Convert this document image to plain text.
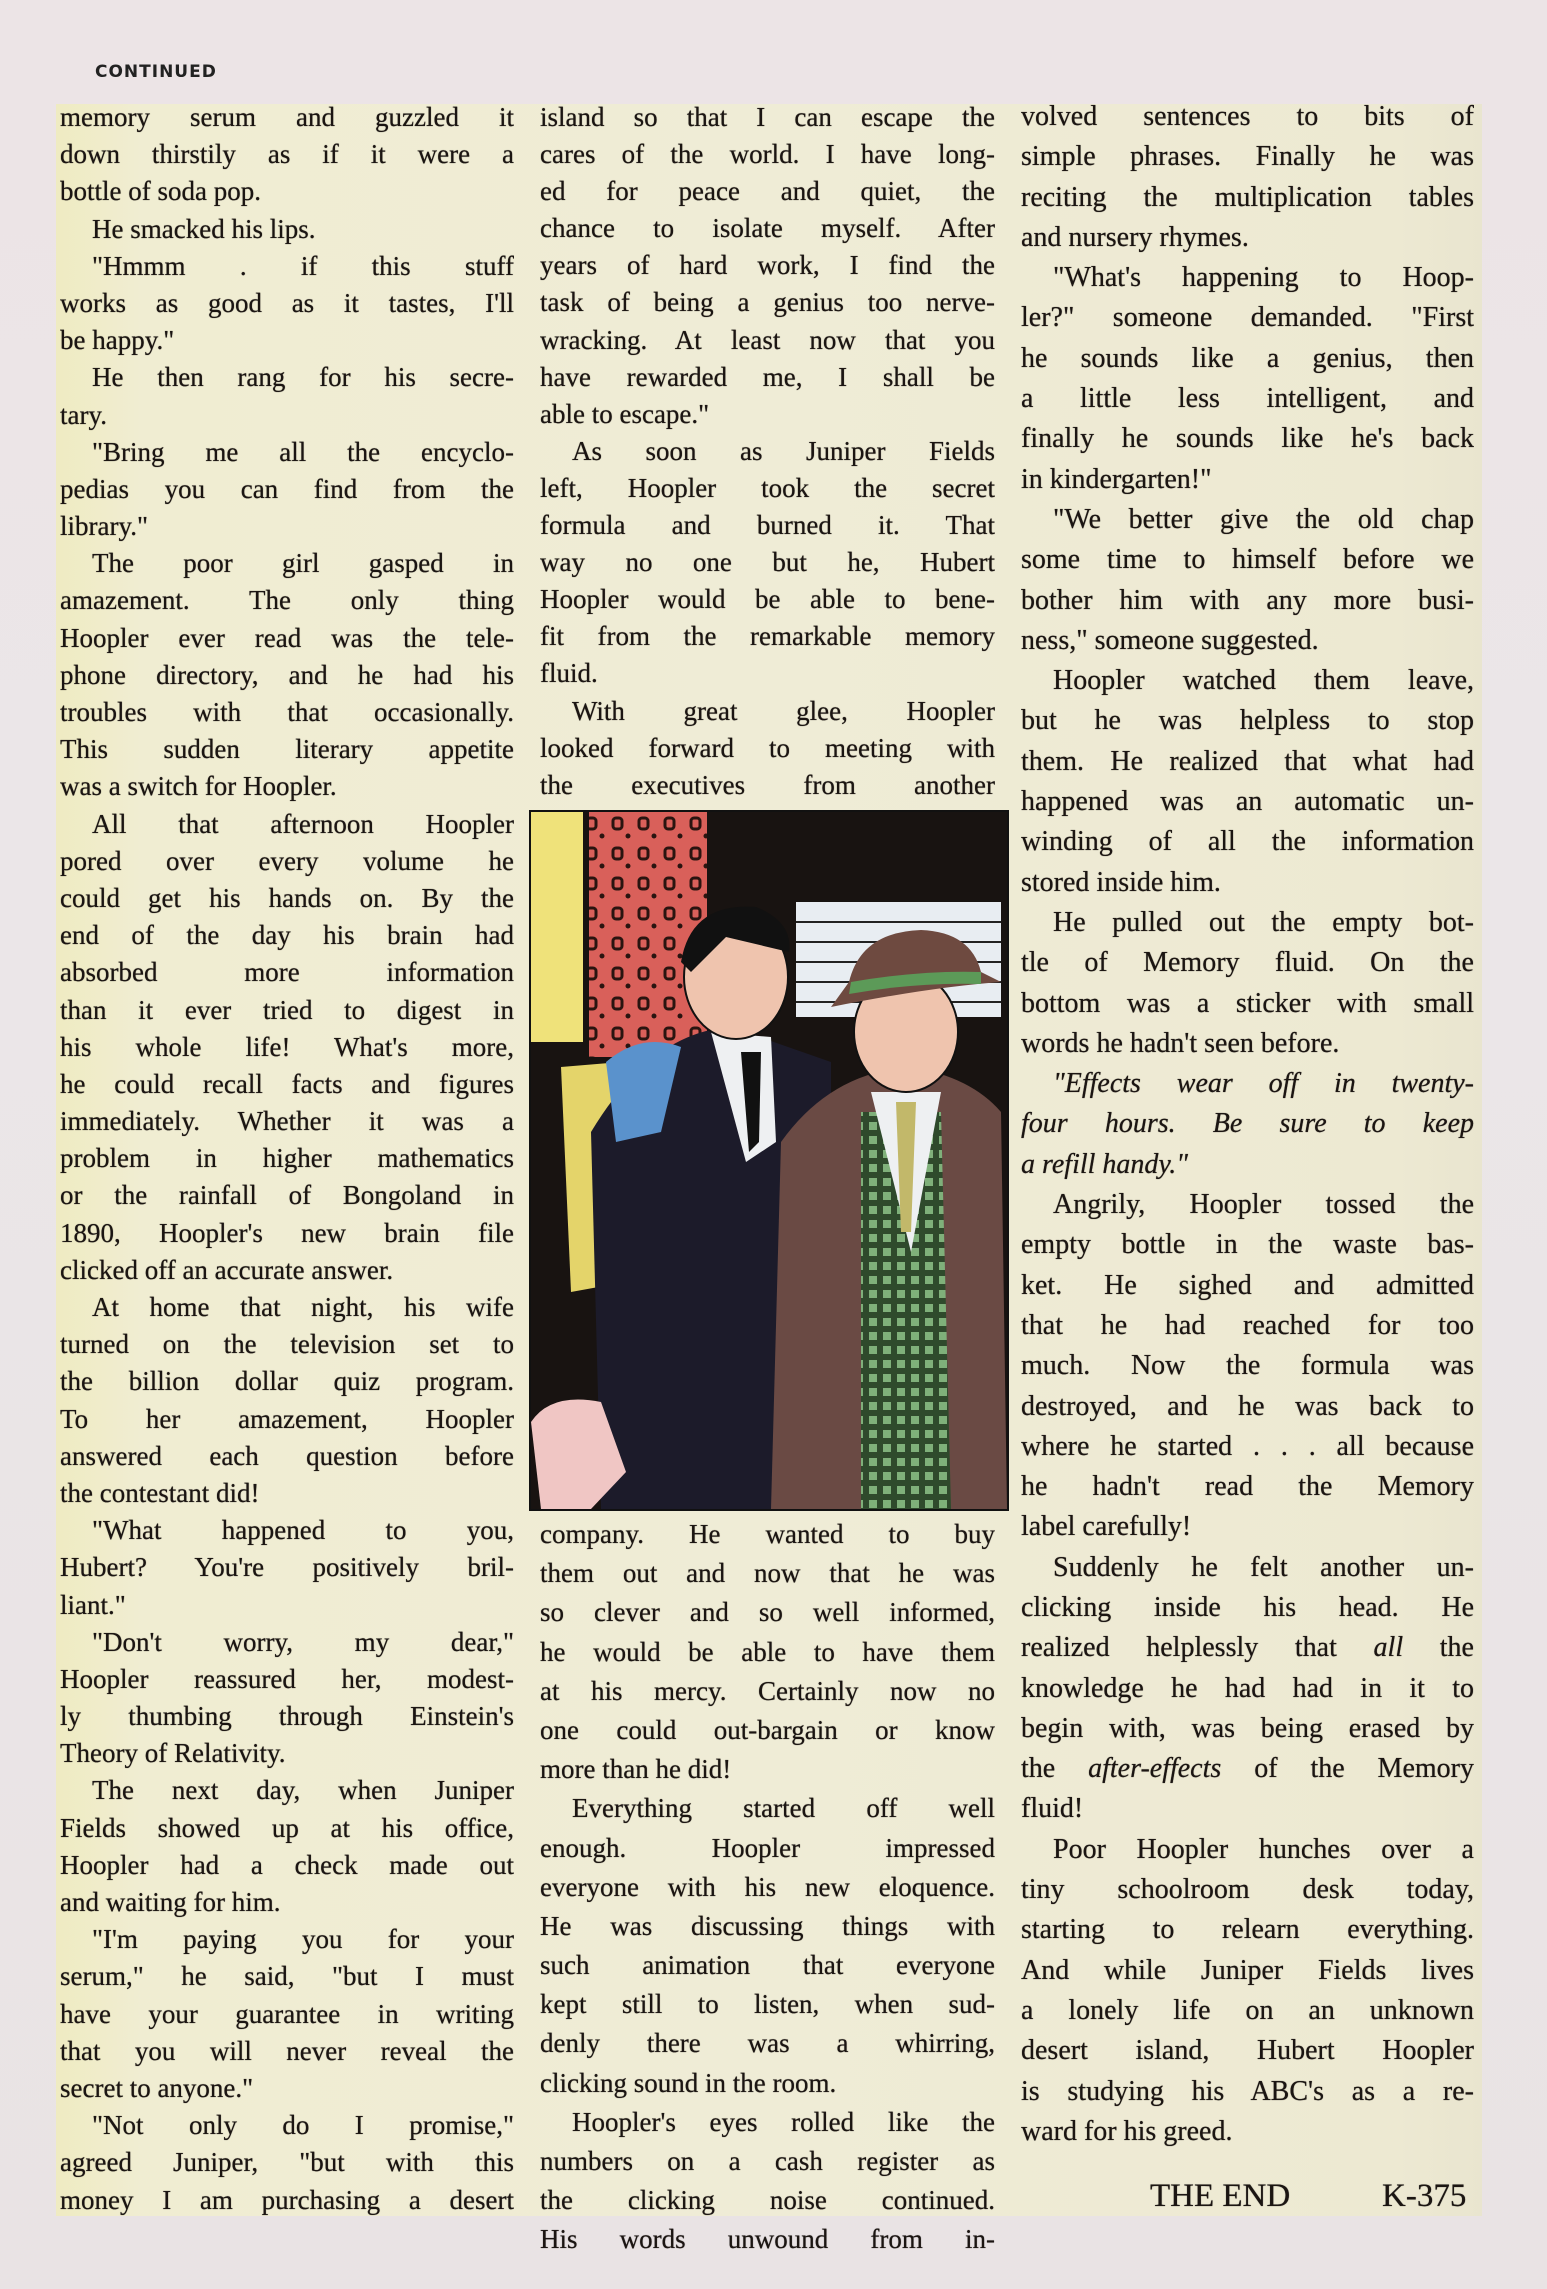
CONTINUED
memory serum and guzzled it
down thirstily as if it were a
bottle of soda pop.
He smacked his lips.
"Hmmm . if this stuff
works as good as it tastes, I'll
be happy."
He then rang for his secre-
tary.
"Bring me all the encyclo-
pedias you can find from the
library."
The poor girl gasped in
amazement. The only thing
Hoopler ever read was the tele-
phone directory, and he had his
troubles with that occasionally.
This sudden literary appetite
was a switch for Hoopler.
All that afternoon Hoopler
pored over every volume he
could get his hands on. By the
end of the day his brain had
absorbed more information
than it ever tried to digest in
his whole life! What's more,
he could recall facts and figures
immediately. Whether it was a
problem in higher mathematics
or the rainfall of Bongoland in
1890, Hoopler's new brain file
clicked off an accurate answer.
At home that night, his wife
turned on the television set to
the billion dollar quiz program.
To her amazement, Hoopler
answered each question before
the contestant did!
"What happened to you,
Hubert? You're positively bril-
liant."
"Don't worry, my dear,"
Hoopler reassured her, modest-
ly thumbing through Einstein's
Theory of Relativity.
The next day, when Juniper
Fields showed up at his office,
Hoopler had a check made out
and waiting for him.
"I'm paying you for your
serum," he said, "but I must
have your guarantee in writing
that you will never reveal the
secret to anyone."
"Not only do I promise,"
agreed Juniper, "but with this
money I am purchasing a desert
island so that I can escape the
cares of the world. I have long-
ed for peace and quiet, the
chance to isolate myself. After
years of hard work, I find the
task of being a genius too nerve-
wracking. At least now that you
have rewarded me, I shall be
able to escape."
As soon as Juniper Fields
left, Hoopler took the secret
formula and burned it. That
way no one but he, Hubert
Hoopler would be able to bene-
fit from the remarkable memory
fluid.
With great glee, Hoopler
looked forward to meeting with
the executives from another
company. He wanted to buy
them out and now that he was
so clever and so well informed,
he would be able to have them
at his mercy. Certainly now no
one could out-bargain or know
more than he did!
Everything started off well
enough. Hoopler impressed
everyone with his new eloquence.
He was discussing things with
such animation that everyone
kept still to listen, when sud-
denly there was a whirring,
clicking sound in the room.
Hoopler's eyes rolled like the
numbers on a cash register as
the clicking noise continued.
His words unwound from in-
volved sentences to bits of
simple phrases. Finally he was
reciting the multiplication tables
and nursery rhymes.
"What's happening to Hoop-
ler?" someone demanded. "First
he sounds like a genius, then
a little less intelligent, and
finally he sounds like he's back
in kindergarten!"
"We better give the old chap
some time to himself before we
bother him with any more busi-
ness," someone suggested.
Hoopler watched them leave,
but he was helpless to stop
them. He realized that what had
happened was an automatic un-
winding of all the information
stored inside him.
He pulled out the empty bot-
tle of Memory fluid. On the
bottom was a sticker with small
words he hadn't seen before.
"Effects wear off in twenty-
four hours. Be sure to keep
a refill handy."
Angrily, Hoopler tossed the
empty bottle in the waste bas-
ket. He sighed and admitted
that he had reached for too
much. Now the formula was
destroyed, and he was back to
where he started . . . all because
he hadn't read the Memory
label carefully!
Suddenly he felt another un-
clicking inside his head. He
realized helplessly that all the
knowledge he had had in it to
begin with, was being erased by
the after-effects of the Memory
fluid!
Poor Hoopler hunches over a
tiny schoolroom desk today,
starting to relearn everything.
And while Juniper Fields lives
a lonely life on an unknown
desert island, Hubert Hoopler
is studying his ABC's as a re-
ward for his greed.
THE END	K-375
